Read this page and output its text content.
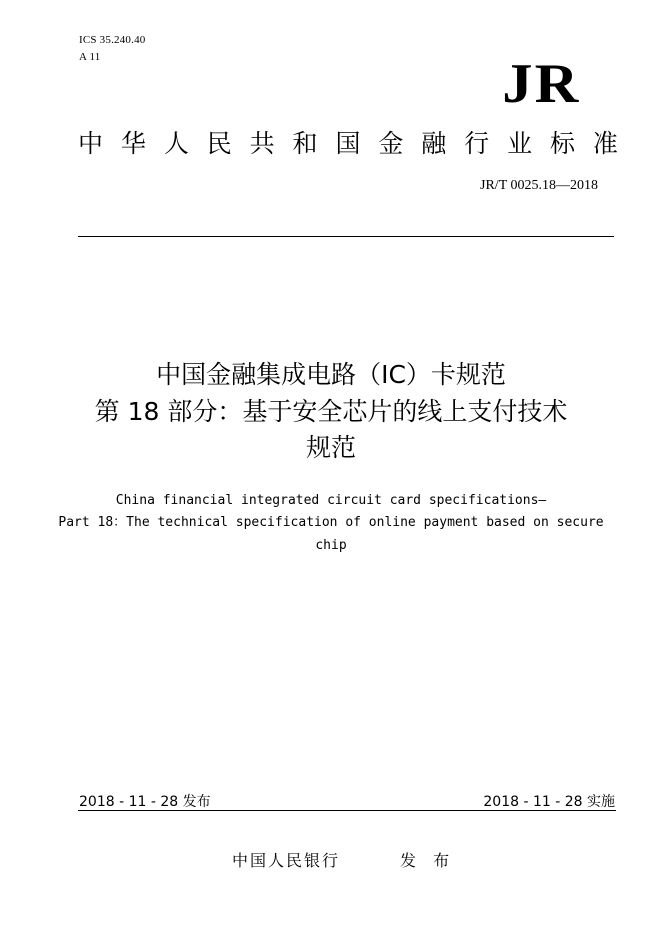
ICS 35.240.40
A 11	JR
中 华 人 民 共 和 国 金 融 行 业 标 准
JR/T 0025.18—2018
中国金融集成电路（IC）卡规范
第 18 部分：基于安全芯片的线上支付技术
规范
China financial integrated circuit card specifications—
Part 18：The technical specification of online payment based on secure
chip
2018 - 11 - 28 发布	2018 - 11 - 28 实施
中国人民银行	发 布
